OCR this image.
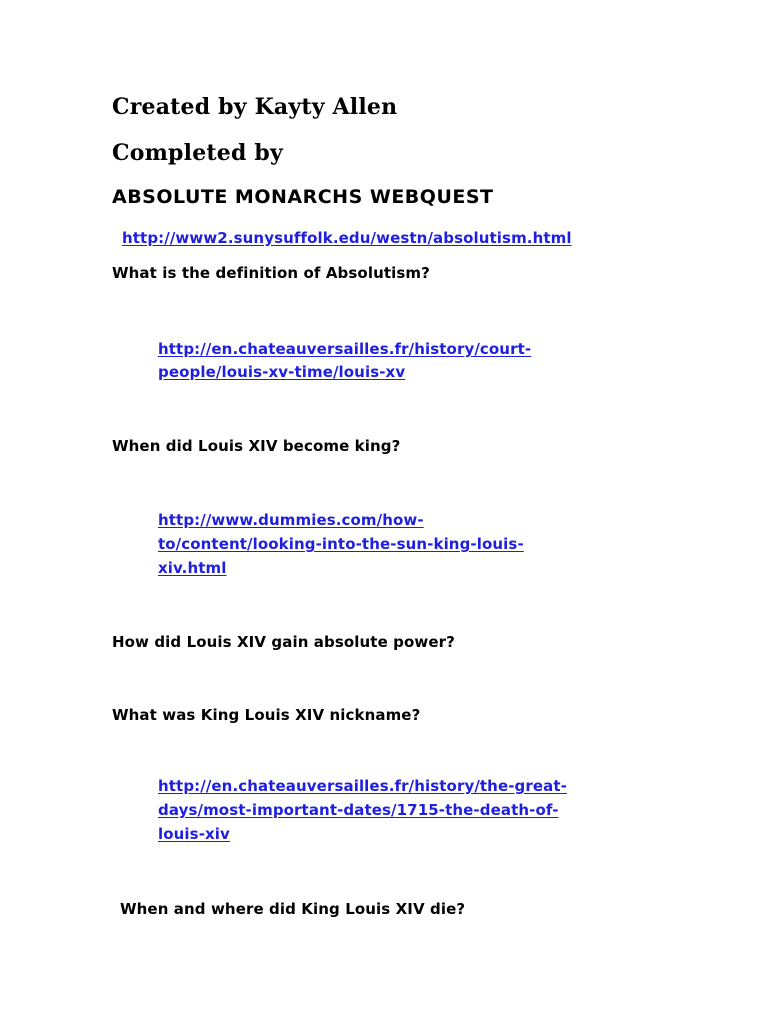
Created by Kayty Allen
Completed by
ABSOLUTE MONARCHS WEBQUEST
http://www2.sunysuffolk.edu/westn/absolutism.html
What is the definition of Absolutism?
http://en.chateauversailles.fr/history/court-
people/louis-xv-time/louis-xv
When did Louis XIV become king?
http://www.dummies.com/how-
to/content/looking-into-the-sun-king-louis-
xiv.html
How did Louis XIV gain absolute power?
What was King Louis XIV nickname?
http://en.chateauversailles.fr/history/the-great-
days/most-important-dates/1715-the-death-of-
louis-xiv
When and where did King Louis XIV die?
